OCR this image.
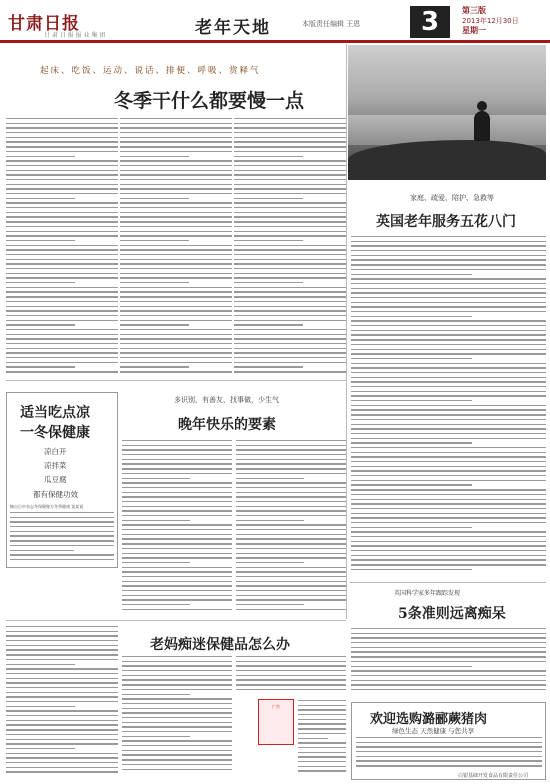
甘肃日报
甘 肃 日 报 报 业 集 团	老年天地	本版责任编辑 王恩	3	第三版
2013年12月30日
星期一
起床、吃饭、运动、说话、排便、呼吸、赏释气
冬季干什么都要慢一点
家庭、疏爱、陪护、急救等
英国老年服务五花八门
适当吃点凉
一冬保健康
凉白开
凉拌菜
瓜豆腐
都有保健功效
摘自日中杂志冬保健秘方冬季健康 某某说
多识别，有善友，找事做，少生气
晚年快乐的要素
英国科学家多年跟踪发现
5条准则远离痴呆
老妈痴迷保健品怎么办
广告
欢迎选购潞郦蕨猪肉
绿色生态 天然健康 与您共享
白银基础开发食品有限责任公司
